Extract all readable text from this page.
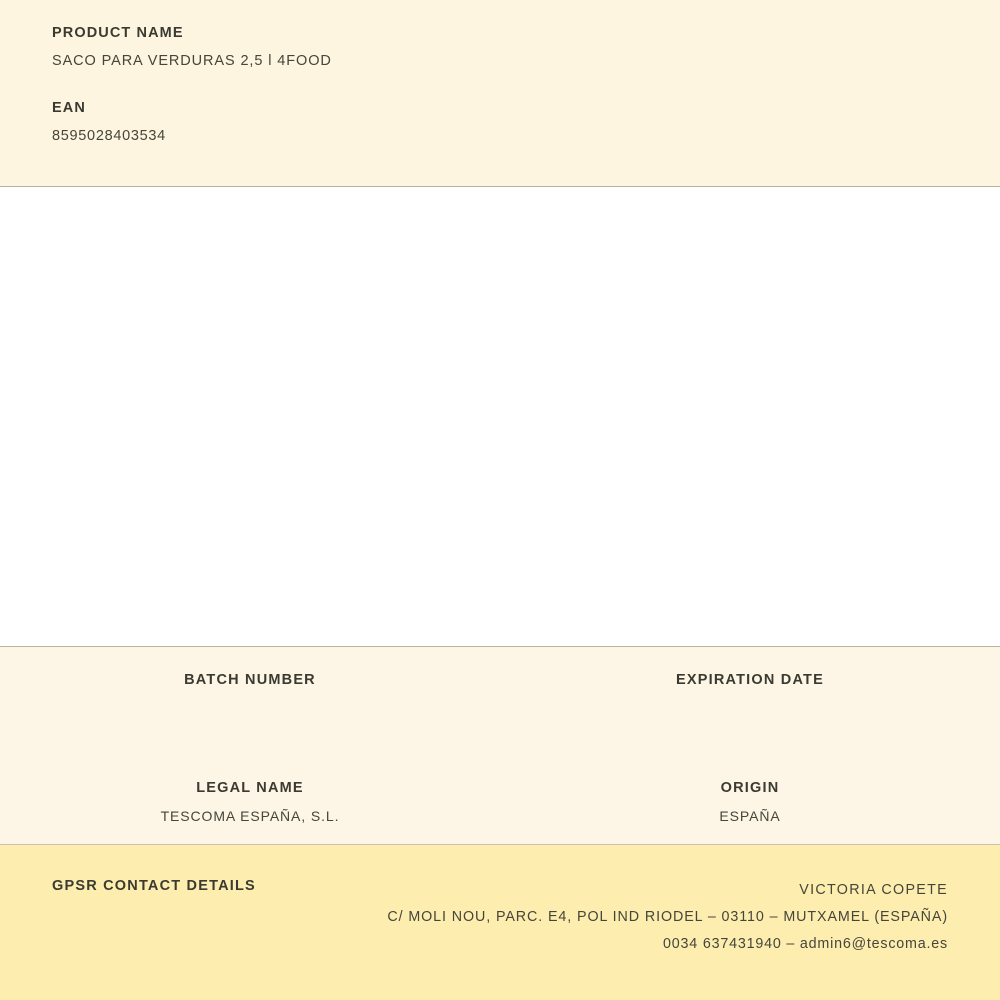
PRODUCT NAME
SACO PARA VERDURAS 2,5 l 4FOOD
EAN
8595028403534
BATCH NUMBER	EXPIRATION DATE
LEGAL NAME
TESCOMA ESPAÑA, S.L.
ORIGIN
ESPAÑA
GPSR CONTACT DETAILS	VICTORIA COPETE
C/ MOLI NOU, PARC. E4, POL IND RIODEL – 03110 – MUTXAMEL (ESPAÑA)
0034 637431940 – admin6@tescoma.es
